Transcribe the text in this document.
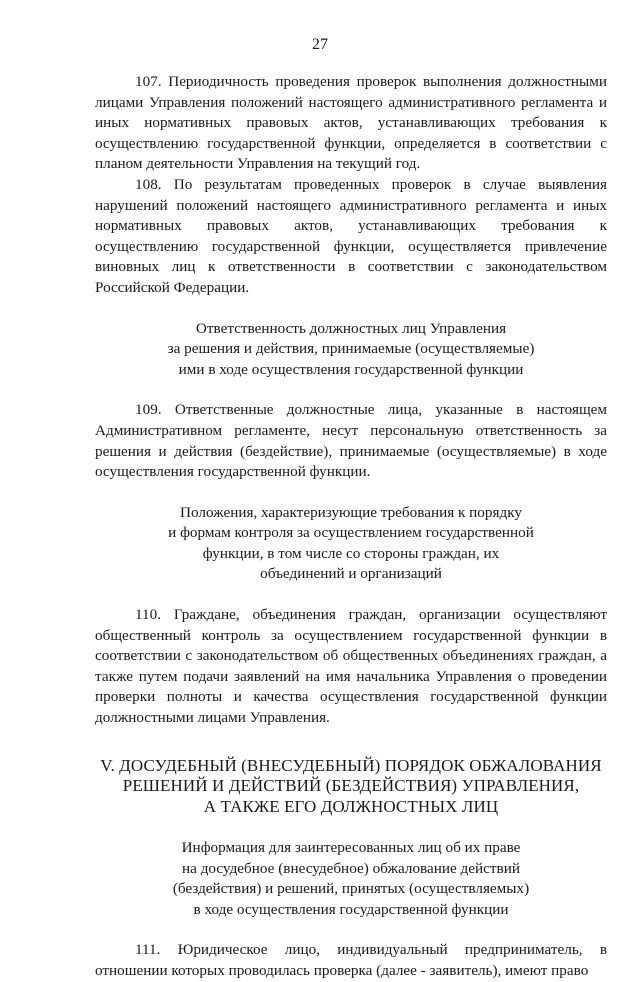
27

107. Периодичность проведения проверок выполнения должностными лицами Управления положений настоящего административного регламента и иных нормативных правовых актов, устанавливающих требования к осуществлению государственной функции, определяется в соответствии с планом деятельности Управления на текущий год.

108. По результатам проведенных проверок в случае выявления нарушений положений настоящего административного регламента и иных нормативных правовых актов, устанавливающих требования к осуществлению государственной функции, осуществляется привлечение виновных лиц к ответственности в соответствии с законодательством Российской Федерации.

Ответственность должностных лиц Управления
за решения и действия, принимаемые (осуществляемые)
ими в ходе осуществления государственной функции

109. Ответственные должностные лица, указанные в настоящем Административном регламенте, несут персональную ответственность за решения и действия (бездействие), принимаемые (осуществляемые) в ходе осуществления государственной функции.

Положения, характеризующие требования к порядку
и формам контроля за осуществлением государственной
функции, в том числе со стороны граждан, их
объединений и организаций

110. Граждане, объединения граждан, организации осуществляют общественный контроль за осуществлением государственной функции в соответствии с законодательством об общественных объединениях граждан, а также путем подачи заявлений на имя начальника Управления о проведении проверки полноты и качества осуществления государственной функции должностными лицами Управления.

V. ДОСУДЕБНЫЙ (ВНЕСУДЕБНЫЙ) ПОРЯДОК ОБЖАЛОВАНИЯ
РЕШЕНИЙ И ДЕЙСТВИЙ (БЕЗДЕЙСТВИЯ) УПРАВЛЕНИЯ,
А ТАКЖЕ ЕГО ДОЛЖНОСТНЫХ ЛИЦ
Информация для заинтересованных лиц об их праве
на досудебное (внесудебное) обжалование действий
(бездействия) и решений, принятых (осуществляемых)
в ходе осуществления государственной функции

111. Юридическое лицо, индивидуальный предприниматель, в отношении которых проводилась проверка (далее - заявитель), имеют право
